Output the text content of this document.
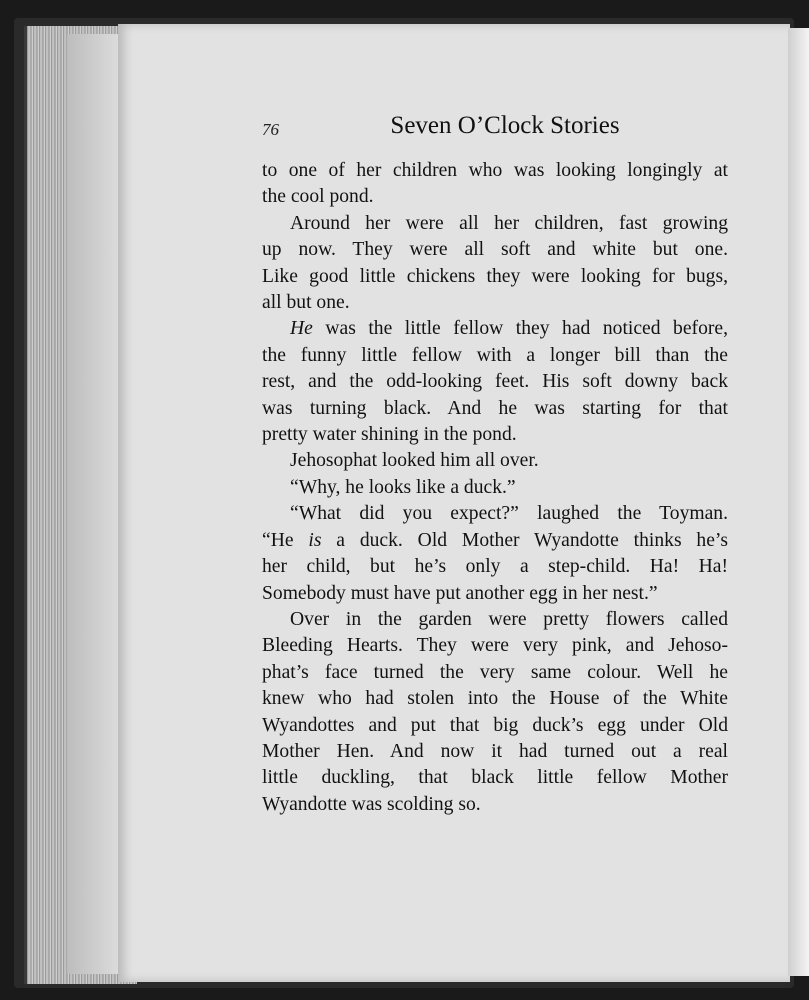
76	Seven O’Clock Stories
to one of her children who was looking longingly at
the cool pond.
Around her were all her children, fast growing
up now. They were all soft and white but one.
Like good little chickens they were looking for bugs,
all but one.
He was the little fellow they had noticed before,
the funny little fellow with a longer bill than the
rest, and the odd-looking feet. His soft downy back
was turning black. And he was starting for that
pretty water shining in the pond.
Jehosophat looked him all over.
“Why, he looks like a duck.”
“What did you expect?” laughed the Toyman.
“He is a duck. Old Mother Wyandotte thinks he’s
her child, but he’s only a step-child. Ha! Ha!
Somebody must have put another egg in her nest.”
Over in the garden were pretty flowers called
Bleeding Hearts. They were very pink, and Jehoso-
phat’s face turned the very same colour. Well he
knew who had stolen into the House of the White
Wyandottes and put that big duck’s egg under Old
Mother Hen. And now it had turned out a real
little duckling, that black little fellow Mother
Wyandotte was scolding so.
